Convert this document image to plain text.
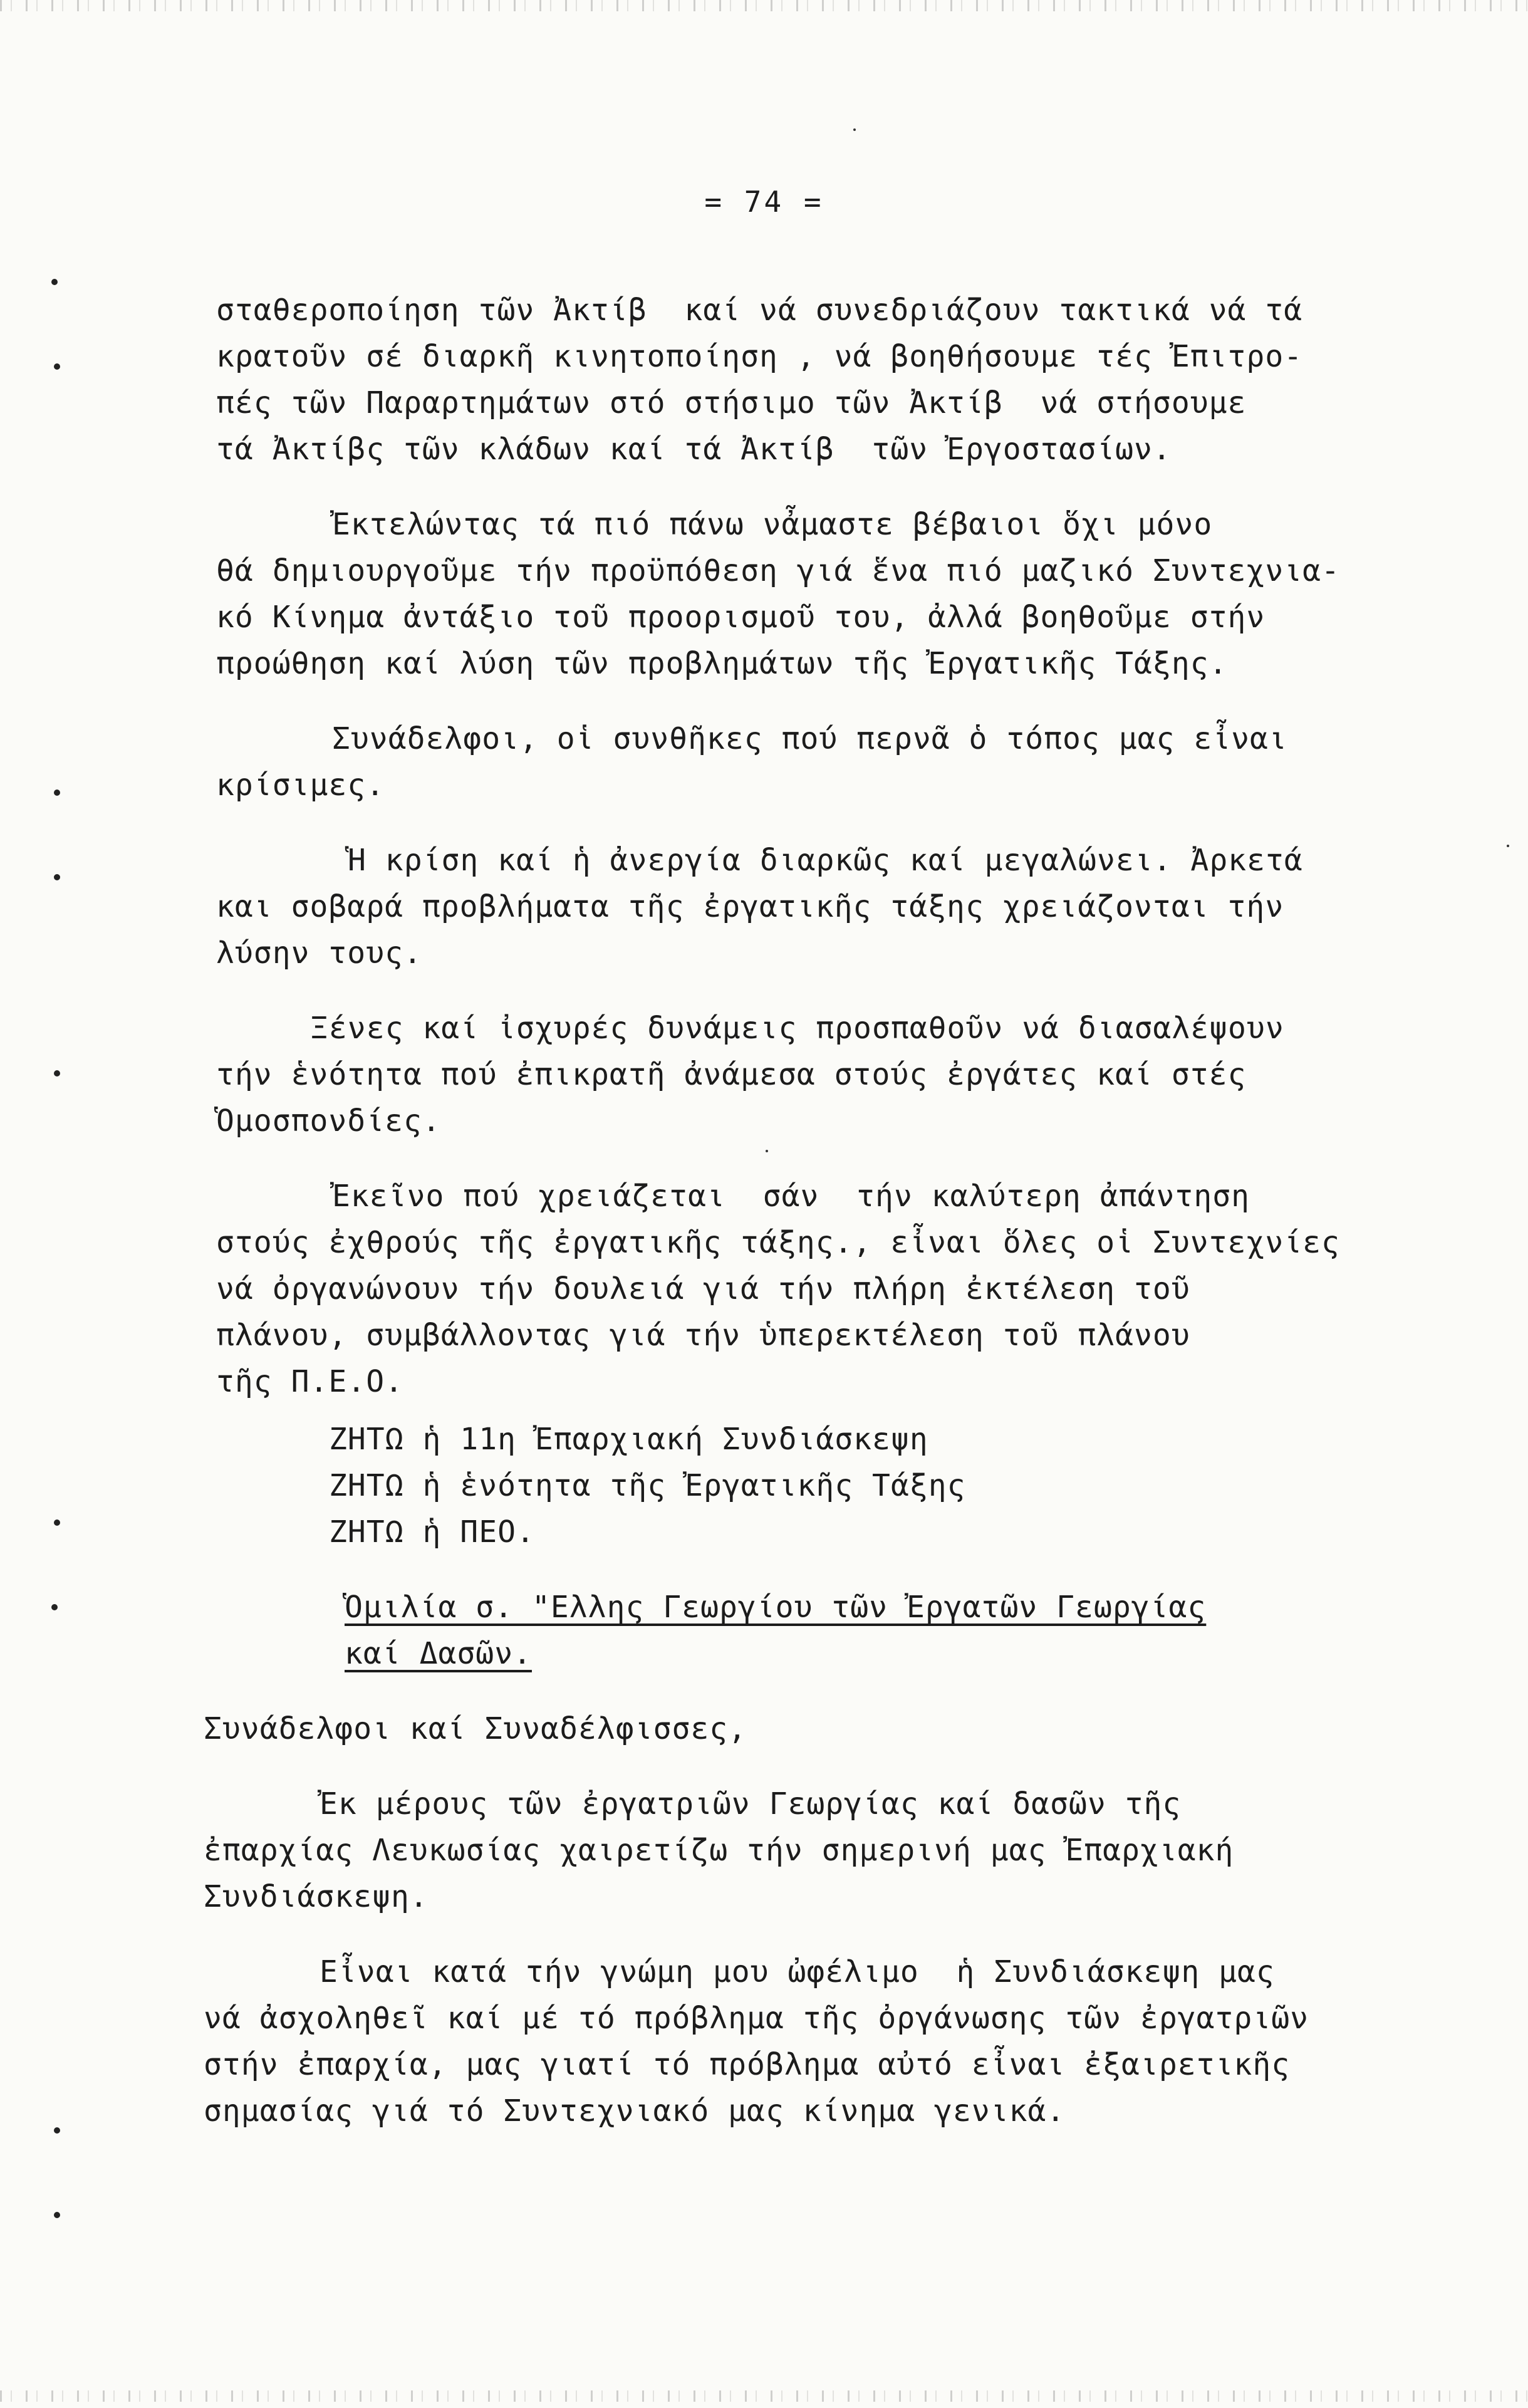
= 74 =
σταθεροποίηση τῶν Ἀκτίβ  καί νά συνεδριάζουν τακτικά νά τά
κρατοῦν σέ διαρκῆ κινητοποίηση , νά βοηθήσουμε τές Ἐπιτρο-
πές τῶν Παραρτημάτων στό στήσιμο τῶν Ἀκτίβ  νά στήσουμε
τά Ἀκτίβς τῶν κλάδων καί τά Ἀκτίβ  τῶν Ἐργοστασίων.
Ἐκτελώντας τά πιό πάνω νἆμαστε βέβαιοι ὅχι μόνο
θά δημιουργοῦμε τήν προϋπόθεση γιά ἕνα πιό μαζικό Συντεχνια-
κό Κίνημα ἀντάξιο τοῦ προορισμοῦ του, ἀλλά βοηθοῦμε στήν
προώθηση καί λύση τῶν προβλημάτων τῆς Ἐργατικῆς Τάξης.
Συνάδελφοι, οἱ συνθῆκες πού περνᾶ ὁ τόπος μας εἶναι
κρίσιμες.
Ἡ κρίση καί ἡ ἀνεργία διαρκῶς καί μεγαλώνει. Ἀρκετά
και σοβαρά προβλήματα τῆς ἐργατικῆς τάξης χρειάζονται τήν
λύσην τους.
Ξένες καί ἰσχυρές δυνάμεις προσπαθοῦν νά διασαλέψουν
τήν ἑνότητα πού ἐπικρατῆ ἀνάμεσα στούς ἐργάτες καί στές
Ὁμοσπονδίες.
Ἐκεῖνο πού χρειάζεται  σάν  τήν καλύτερη ἀπάντηση
στούς ἐχθρούς τῆς ἐργατικῆς τάξης., εἶναι ὅλες οἱ Συντεχνίες
νά ὀργανώνουν τήν δουλειά γιά τήν πλήρη ἐκτέλεση τοῦ
πλάνου, συμβάλλοντας γιά τήν ὑπερεκτέλεση τοῦ πλάνου
τῆς Π.Ε.Ο.
ΖΗΤΩ ἡ 11η Ἐπαρχιακή Συνδιάσκεψη
ΖΗΤΩ ἡ ἑνότητα τῆς Ἐργατικῆς Τάξης
ΖΗΤΩ ἡ ΠΕΟ.
Ὁμιλία σ. "Ελλης Γεωργίου τῶν Ἐργατῶν Γεωργίας
καί Δασῶν.
Συνάδελφοι καί Συναδέλφισσες,
Ἐκ μέρους τῶν ἐργατριῶν Γεωργίας καί δασῶν τῆς
ἐπαρχίας Λευκωσίας χαιρετίζω τήν σημερινή μας Ἐπαρχιακή
Συνδιάσκεψη.
Εἶναι κατά τήν γνώμη μου ὠφέλιμο  ἡ Συνδιάσκεψη μας
νά ἀσχοληθεῖ καί μέ τό πρόβλημα τῆς ὀργάνωσης τῶν ἐργατριῶν
στήν ἐπαρχία, μας γιατί τό πρόβλημα αὐτό εἶναι ἐξαιρετικῆς
σημασίας γιά τό Συντεχνιακό μας κίνημα γενικά.
